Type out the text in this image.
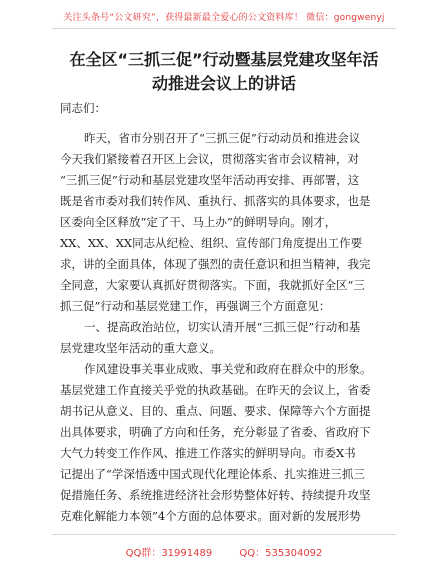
关注头条号“公文研究”，获得最新最全爱心的公文资料库！ 微信：gongwenyj
在全区“三抓三促”行动暨基层党建攻坚年活
动推进会议上的讲话
同志们：
昨天，省市分别召开了“三抓三促”行动动员和推进会议
今天我们紧接着召开区上会议，贯彻落实省市会议精神，对
“三抓三促”行动和基层党建攻坚年活动再安排、再部署，这
既是省市委对我们转作风、重执行、抓落实的具体要求，也是
区委向全区释放“定了干、马上办”的鲜明导向。刚才，
XX、XX、XX同志从纪检、组织、宣传部门角度提出工作要
求，讲的全面具体，体现了强烈的责任意识和担当精神，我完
全同意，大家要认真抓好贯彻落实。下面，我就抓好全区“三
抓三促”行动和基层党建工作，再强调三个方面意见：
一、提高政治站位，切实认清开展“三抓三促”行动和基
层党建攻坚年活动的重大意义。
作风建设事关事业成败、事关党和政府在群众中的形象。
基层党建工作直接关乎党的执政基础。在昨天的会议上，省委
胡书记从意义、目的、重点、问题、要求、保障等六个方面提
出具体要求，明确了方向和任务，充分彰显了省委、省政府下
大气力转变工作作风、推进工作落实的鲜明导向。市委X书
记提出了“学深悟透中国式现代化理论体系、扎实推进三抓三
促措施任务、系统推进经济社会形势整体好转、持续提升攻坚
克难化解能力本领”4个方面的总体要求。面对新的发展形势
QQ群：31991489	QQ：535304092
